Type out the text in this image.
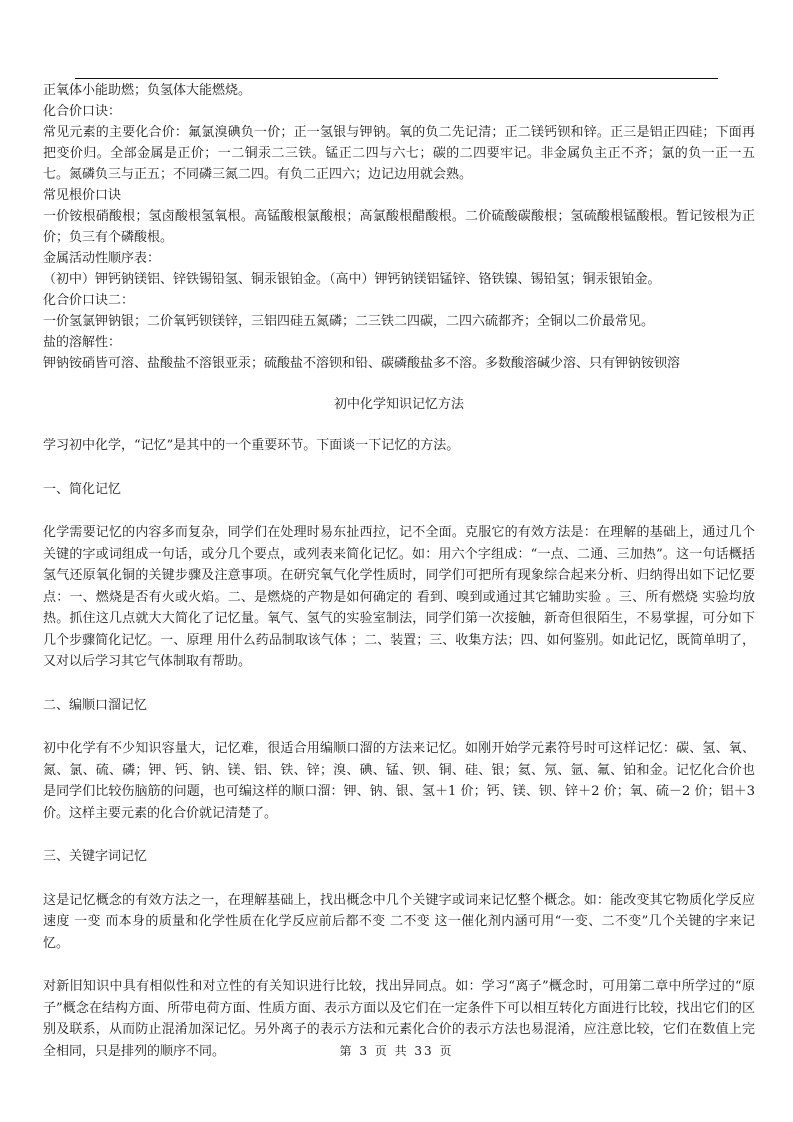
正氧体小能助燃；负氢体大能燃烧。

化合价口诀：

常见元素的主要化合价：氟氯溴碘负一价；正一氢银与钾钠。氧的负二先记清；正二镁钙钡和锌。正三是铝正四硅；下面再把变价归。全部金属是正价；一二铜汞二三铁。锰正二四与六七；碳的二四要牢记。非金属负主正不齐；氯的负一正一五七。氮磷负三与正五；不同磷三氮二四。有负二正四六；边记边用就会熟。

常见根价口诀

一价铵根硝酸根；氢卤酸根氢氧根。高锰酸根氯酸根；高氯酸根醋酸根。二价硫酸碳酸根；氢硫酸根锰酸根。暂记铵根为正价；负三有个磷酸根。

金属活动性顺序表：

（初中）钾钙钠镁铝、锌铁锡铅氢、铜汞银铂金。（高中）钾钙钠镁铝锰锌、铬铁镍、锡铅氢；铜汞银铂金。

化合价口诀二：

一价氢氯钾钠银；二价氧钙钡镁锌，三铝四硅五氮磷；二三铁二四碳，二四六硫都齐；全铜以二价最常见。

盐的溶解性：

钾钠铵硝皆可溶、盐酸盐不溶银亚汞；硫酸盐不溶钡和铅、碳磷酸盐多不溶。多数酸溶碱少溶、只有钾钠铵钡溶

初中化学知识记忆方法

学习初中化学，“记忆”是其中的一个重要环节。下面谈一下记忆的方法。

一、简化记忆

化学需要记忆的内容多而复杂，同学们在处理时易东扯西拉，记不全面。克服它的有效方法是：在理解的基础上，通过几个关键的字或词组成一句话，或分几个要点，或列表来简化记忆。如：用六个字组成：“一点、二通、三加热”。这一句话概括氢气还原氧化铜的关键步骤及注意事项。在研究氧气化学性质时，同学们可把所有现象综合起来分析、归纳得出如下记忆要点：一、燃烧是否有火或火焰。二、是燃烧的产物是如何确定的 看到、嗅到或通过其它辅助实验 。三、所有燃烧 实验均放热。抓住这几点就大大简化了记忆量。氧气、氢气的实验室制法，同学们第一次接触，新奇但很陌生，不易掌握，可分如下几个步骤简化记忆。一、原理 用什么药品制取该气体 ；二、装置；三、收集方法；四、如何鉴别。如此记忆，既简单明了，又对以后学习其它气体制取有帮助。

二、编顺口溜记忆

初中化学有不少知识容量大，记忆难，很适合用编顺口溜的方法来记忆。如刚开始学元素符号时可这样记忆：碳、氢、氧、氮、氯、硫、磷；钾、钙、钠、镁、铝、铁、锌；溴、碘、锰、钡、铜、硅、银；氦、氖、氩、氟、铂和金。记忆化合价也是同学们比较伤脑筋的问题，也可编这样的顺口溜：钾、钠、银、氢＋1 价；钙、镁、钡、锌＋2 价；氧、硫－2 价；铝＋3 价。这样主要元素的化合价就记清楚了。

三、关键字词记忆

这是记忆概念的有效方法之一，在理解基础上，找出概念中几个关键字或词来记忆整个概念。如：能改变其它物质化学反应速度 一变 而本身的质量和化学性质在化学反应前后都不变 二不变 这一催化剂内涵可用“一变、二不变”几个关键的字来记忆。

对新旧知识中具有相似性和对立性的有关知识进行比较，找出异同点。如：学习“离子”概念时，可用第二章中所学过的“原子”概念在结构方面、所带电荷方面、性质方面、表示方面以及它们在一定条件下可以相互转化方面进行比较，找出它们的区别及联系，从而防止混淆加深记忆。另外离子的表示方法和元素化合价的表示方法也易混淆，应注意比较，它们在数值上完全相同，只是排列的顺序不同。	第 3 页 共 33 页
